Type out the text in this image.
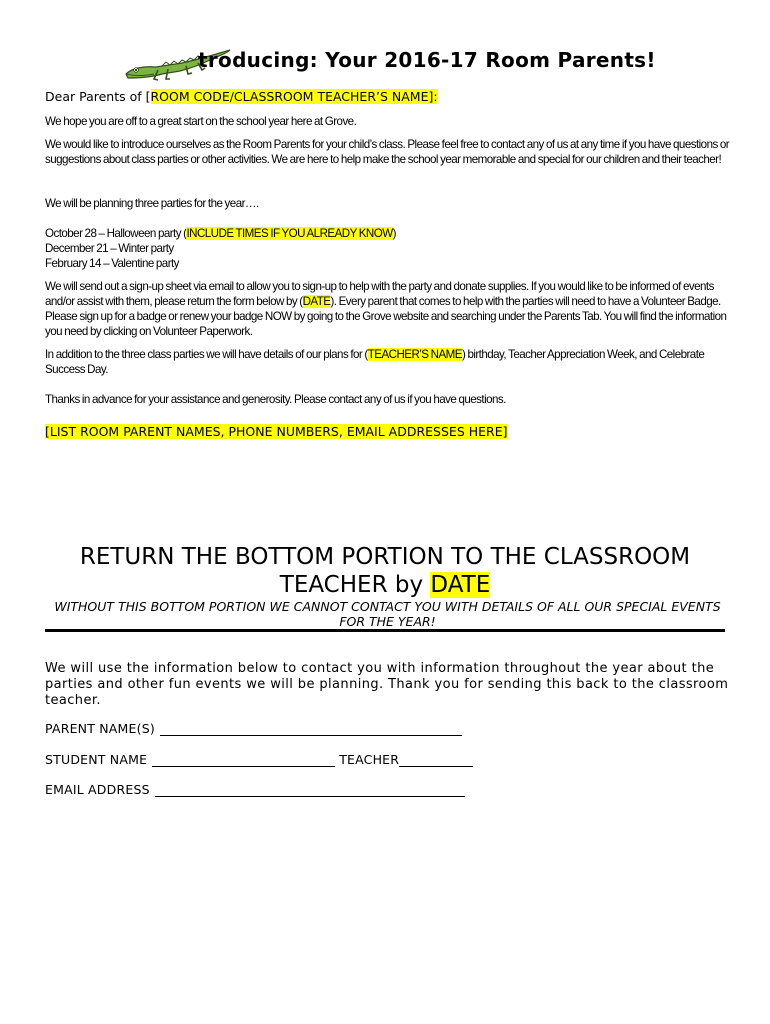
troducing: Your 2016-17 Room Parents!
Dear Parents of [ROOM CODE/CLASSROOM TEACHER’S NAME]:

We hope you are off to a great start on the school year here at Grove.

We would like to introduce ourselves as the Room Parents for your child’s class. Please feel free to contact any of us at any time if you have questions or suggestions about class parties or other activities. We are here to help make the school year memorable and special for our children and their teacher!

We will be planning three parties for the year….

October 28 – Halloween party (INCLUDE TIMES IF YOU ALREADY KNOW)

December 21 – Winter party

February 14 – Valentine party

We will send out a sign-up sheet via email to allow you to sign-up to help with the party and donate supplies. If you would like to be informed of events and/or assist with them, please return the form below by (DATE). Every parent that comes to help with the parties will need to have a Volunteer Badge. Please sign up for a badge or renew your badge NOW by going to the Grove website and searching under the Parents Tab. You will find the information you need by clicking on Volunteer Paperwork.

In addition to the three class parties we will have details of our plans for (TEACHER’S NAME) birthday, Teacher Appreciation Week, and Celebrate Success Day.

Thanks in advance for your assistance and generosity. Please contact any of us if you have questions.

[LIST ROOM PARENT NAMES, PHONE NUMBERS, EMAIL ADDRESSES HERE]
RETURN THE BOTTOM PORTION TO THE CLASSROOM
TEACHER by DATE
WITHOUT THIS BOTTOM PORTION WE CANNOT CONTACT YOU WITH DETAILS OF ALL OUR SPECIAL EVENTS FOR THE YEAR!
We will use the information below to contact you with information throughout the year about the parties and other fun events we will be planning. Thank you for sending this back to the classroom teacher.
PARENT NAME(S)
STUDENT NAME	TEACHER
EMAIL ADDRESS
